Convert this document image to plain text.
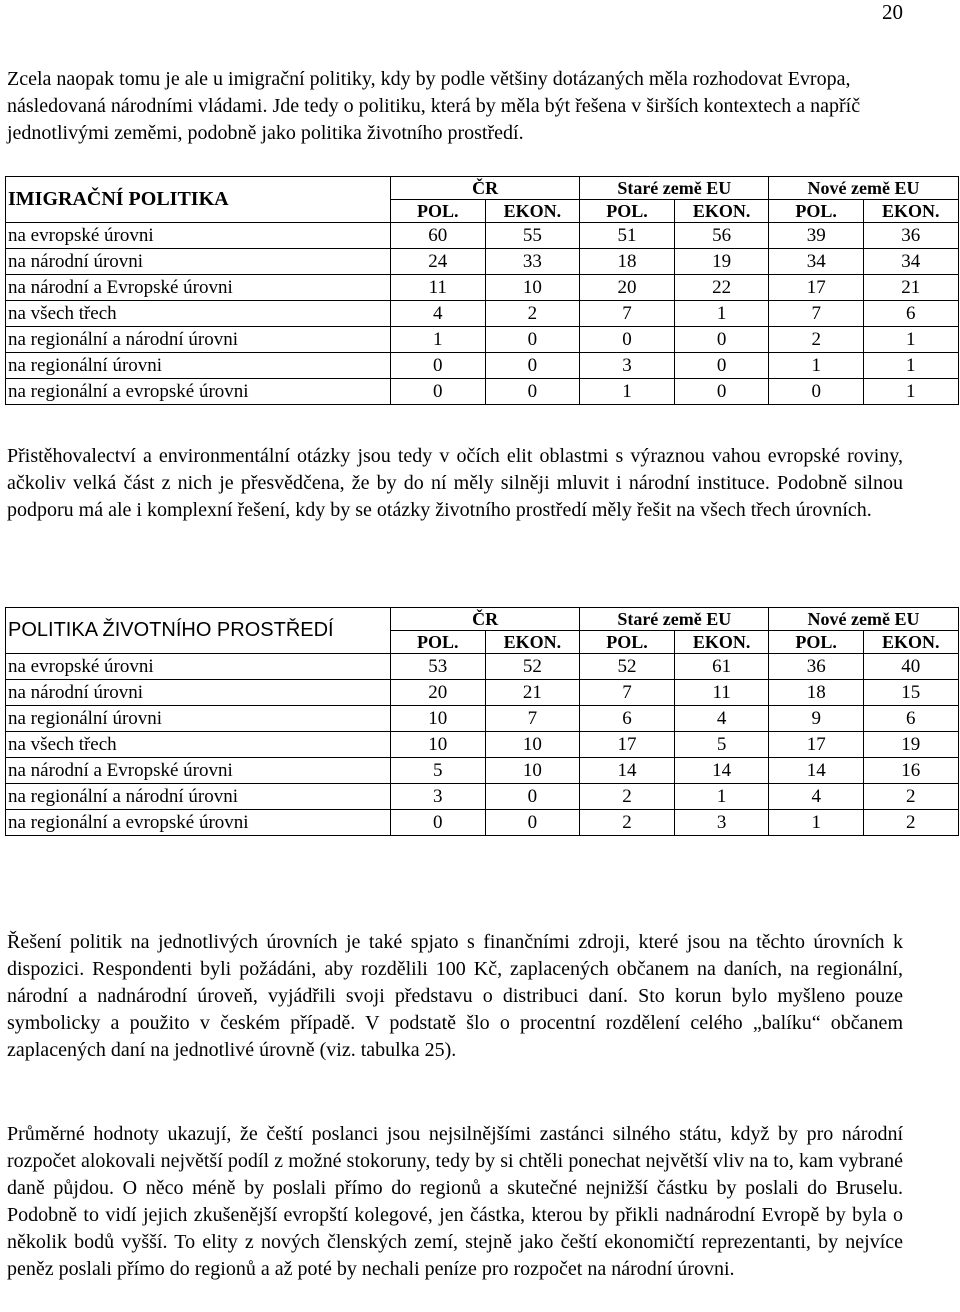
20

Zcela naopak tomu je ale u imigrační politiky, kdy by podle většiny dotázaných měla rozhodovat Evropa, následovaná národními vládami. Jde tedy o politiku, která by měla být řešena v širších kontextech a napříč jednotlivými zeměmi, podobně jako politika životního prostředí.

IMIGRAČNÍ POLITIKA	ČR		Staré země EU		Nové země EU	
	POL.	EKON.	POL.	EKON.	POL.	EKON.
na evropské úrovni	60	55	51	56	39	36
na národní úrovni	24	33	18	19	34	34
na národní a Evropské úrovni	11	10	20	22	17	21
na všech třech	4	2	7	1	7	6
na regionální a národní úrovni	1	0	0	0	2	1
na regionální úrovni	0	0	3	0	1	1
na regionální a evropské úrovni	0	0	1	0	0	1

Přistěhovalectví a environmentální otázky jsou tedy v očích elit oblastmi s výraznou vahou evropské roviny, ačkoliv velká část z nich je přesvědčena, že by do ní měly silněji mluvit i národní instituce. Podobně silnou podporu má ale i komplexní řešení, kdy by se otázky životního prostředí měly řešit na všech třech úrovních.

POLITIKA ŽIVOTNÍHO PROSTŘEDÍ	ČR		Staré země EU		Nové země EU	
	POL.	EKON.	POL.	EKON.	POL.	EKON.
na evropské úrovni	53	52	52	61	36	40
na národní úrovni	20	21	7	11	18	15
na regionální úrovni	10	7	6	4	9	6
na všech třech	10	10	17	5	17	19
na národní a Evropské úrovni	5	10	14	14	14	16
na regionální a národní úrovni	3	0	2	1	4	2
na regionální a evropské úrovni	0	0	2	3	1	2

Řešení politik na jednotlivých úrovních je také spjato s finančními zdroji, které jsou na těchto úrovních k dispozici. Respondenti byli požádáni, aby rozdělili 100 Kč, zaplacených občanem na daních, na regionální, národní a nadnárodní úroveň, vyjádřili svoji představu o distribuci daní. Sto korun bylo myšleno pouze symbolicky a použito v českém případě. V podstatě šlo o procentní rozdělení celého „balíku“ občanem zaplacených daní na jednotlivé úrovně (viz. tabulka 25).

Průměrné hodnoty ukazují, že čeští poslanci jsou nejsilnějšími zastánci silného státu, když by pro národní rozpočet alokovali největší podíl z možné stokoruny, tedy by si chtěli ponechat největší vliv na to, kam vybrané daně půjdou. O něco méně by poslali přímo do regionů a skutečné nejnižší částku by poslali do Bruselu. Podobně to vidí jejich zkušenější evropští kolegové, jen částka, kterou by přikli nadnárodní Evropě by byla o několik bodů vyšší. To elity z nových členských zemí, stejně jako čeští ekonomičtí reprezentanti, by nejvíce peněz poslali přímo do regionů a až poté by nechali peníze pro rozpočet na národní úrovni.
